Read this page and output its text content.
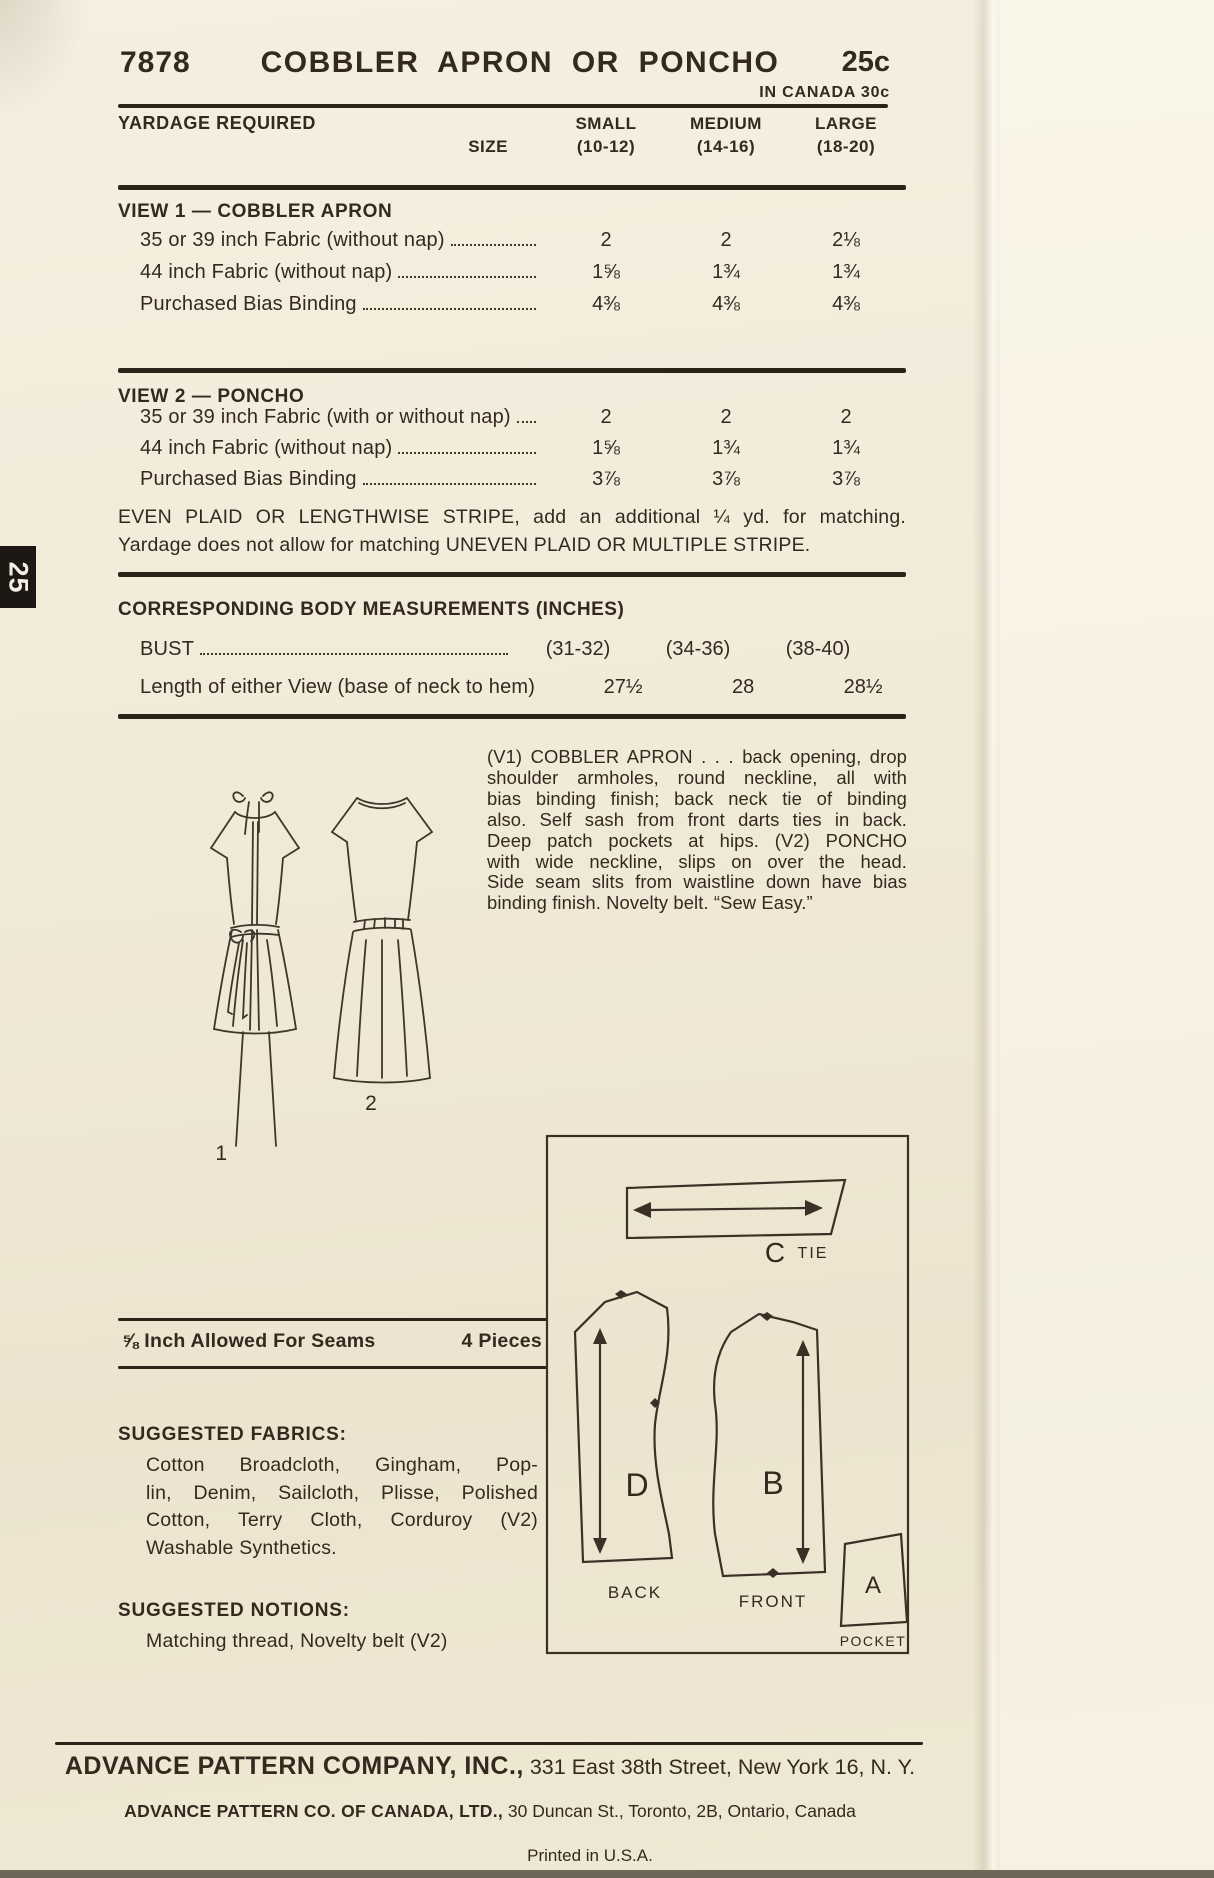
25
7878	COBBLER APRON OR PONCHO	25c
IN CANADA 30c
YARDAGE REQUIRED	SMALL	MEDIUM	LARGE
SIZE	(10-12)	(14-16)	(18-20)
VIEW 1 — COBBLER APRON
35 or 39 inch Fabric (without nap)	2	2	2⅛
44 inch Fabric (without nap)	1⅝	1¾	1¾
Purchased Bias Binding	4⅜	4⅜	4⅜
VIEW 2 — PONCHO
35 or 39 inch Fabric (with or without nap)	2	2	2
44 inch Fabric (without nap)	1⅝	1¾	1¾
Purchased Bias Binding	3⅞	3⅞	3⅞
EVEN PLAID OR LENGTHWISE STRIPE, add an additional ¼ yd. for matching.
Yardage does not allow for matching UNEVEN PLAID OR MULTIPLE STRIPE.
CORRESPONDING BODY MEASUREMENTS (INCHES)
BUST	(31-32)	(34-36)	(38-40)
Length of either View (base of neck to hem)	27½	28	28½
(V1) COBBLER APRON . . . back opening, drop
shoulder armholes, round neckline, all with
bias binding finish; back neck tie of binding
also. Self sash from front darts ties in back.
Deep patch pockets at hips. (V2) PONCHO
with wide neckline, slips on over the head.
Side seam slits from waistline down have bias
binding finish. Novelty belt. “Sew Easy.”
1
2
⅝ Inch Allowed For Seams	4 Pieces
SUGGESTED FABRICS:
Cotton Broadcloth, Gingham, Pop-
lin, Denim, Sailcloth, Plisse, Polished
Cotton, Terry Cloth, Corduroy (V2)
Washable Synthetics.
SUGGESTED NOTIONS:
Matching thread, Novelty belt (V2)
C TIE
D
BACK
B
FRONT
A
POCKET
ADVANCE PATTERN COMPANY, INC., 331 East 38th Street, New York 16, N. Y.
ADVANCE PATTERN CO. OF CANADA, LTD., 30 Duncan St., Toronto, 2B, Ontario, Canada
Printed in U.S.A.
